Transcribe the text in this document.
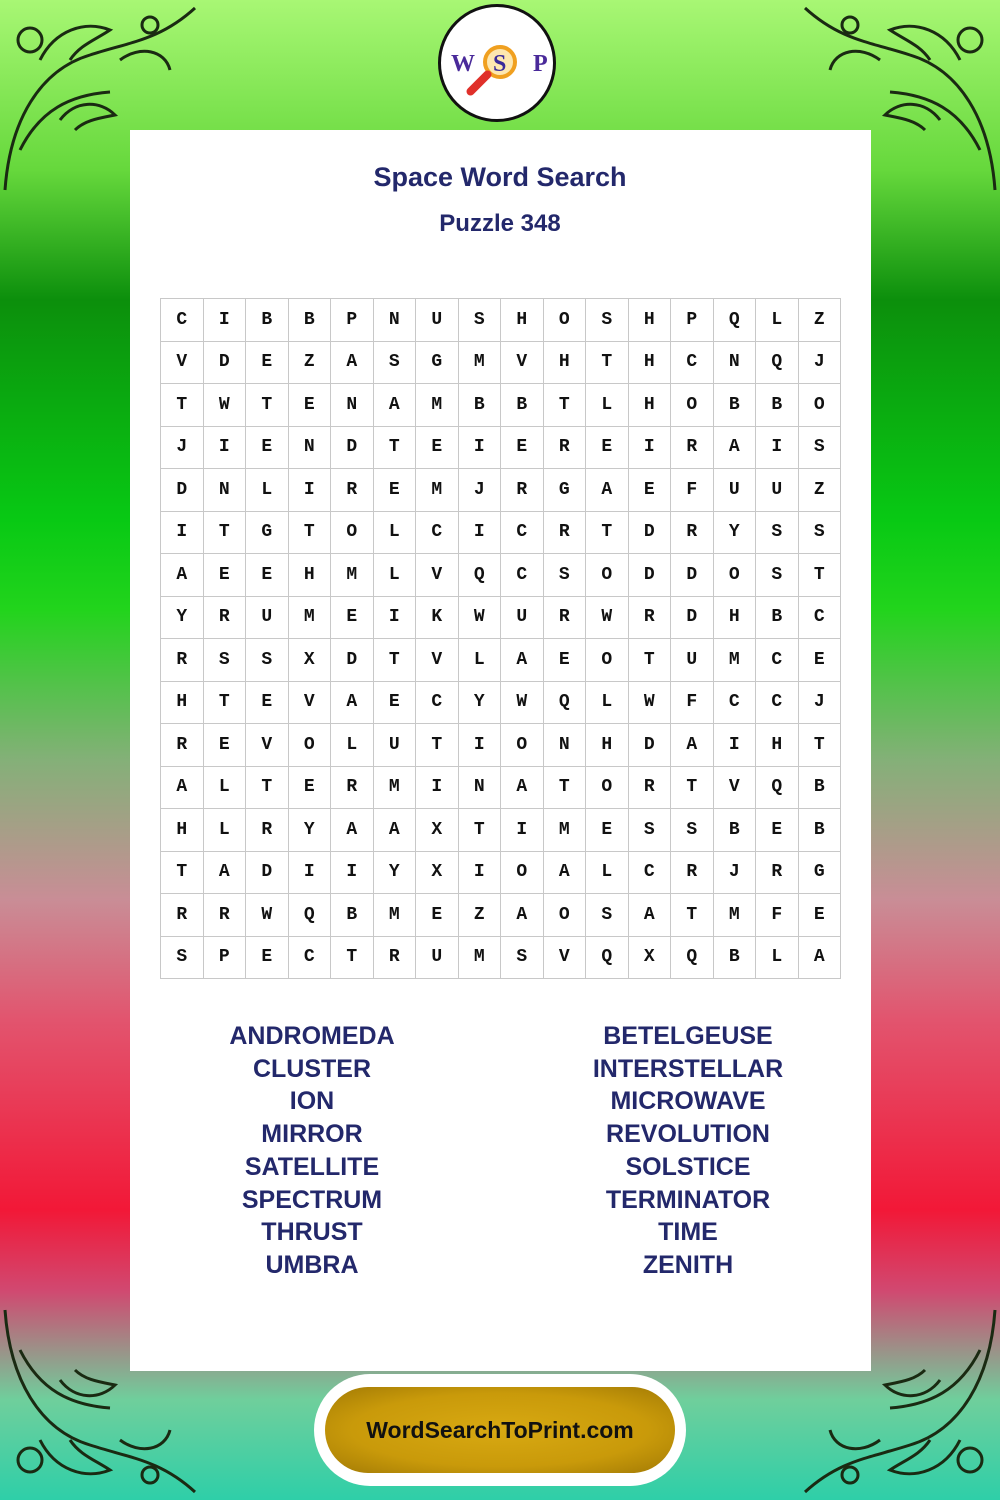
W S P
Space Word Search
Puzzle 348
C	I	B	B	P	N	U	S	H	O	S	H	P	Q	L	Z
V	D	E	Z	A	S	G	M	V	H	T	H	C	N	Q	J
T	W	T	E	N	A	M	B	B	T	L	H	O	B	B	O
J	I	E	N	D	T	E	I	E	R	E	I	R	A	I	S
D	N	L	I	R	E	M	J	R	G	A	E	F	U	U	Z
I	T	G	T	O	L	C	I	C	R	T	D	R	Y	S	S
A	E	E	H	M	L	V	Q	C	S	O	D	D	O	S	T
Y	R	U	M	E	I	K	W	U	R	W	R	D	H	B	C
R	S	S	X	D	T	V	L	A	E	O	T	U	M	C	E
H	T	E	V	A	E	C	Y	W	Q	L	W	F	C	C	J
R	E	V	O	L	U	T	I	O	N	H	D	A	I	H	T
A	L	T	E	R	M	I	N	A	T	O	R	T	V	Q	B
H	L	R	Y	A	A	X	T	I	M	E	S	S	B	E	B
T	A	D	I	I	Y	X	I	O	A	L	C	R	J	R	G
R	R	W	Q	B	M	E	Z	A	O	S	A	T	M	F	E
S	P	E	C	T	R	U	M	S	V	Q	X	Q	B	L	A
ANDROMEDA
CLUSTER
ION
MIRROR
SATELLITE
SPECTRUM
THRUST
UMBRA
BETELGEUSE
INTERSTELLAR
MICROWAVE
REVOLUTION
SOLSTICE
TERMINATOR
TIME
ZENITH
WordSearchToPrint.com
